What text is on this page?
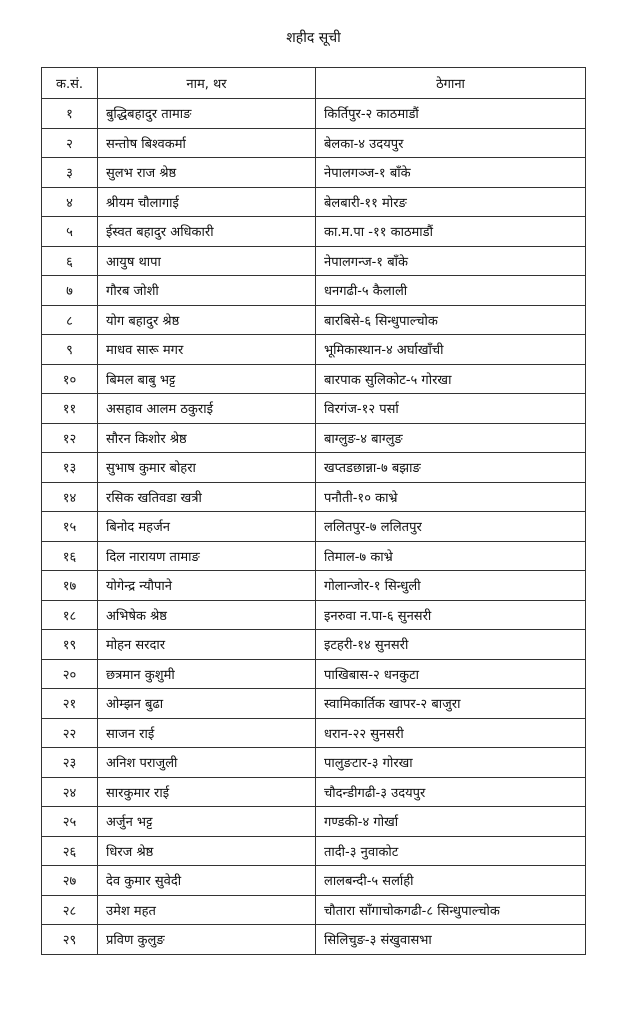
शहीद सूची
क.सं.	नाम, थर	ठेगाना
१	बुद्धिबहादुर तामाङ	किर्तिपुर-२ काठमाडौं
२	सन्तोष बिश्वकर्मा	बेलका-४ उदयपुर
३	सुलभ राज श्रेष्ठ	नेपालगञ्ज-१ बाँके
४	श्रीयम चौलागाई	बेलबारी-११ मोरङ
५	ईस्वत बहादुर अधिकारी	का.म.पा -११ काठमाडौं
६	आयुष थापा	नेपालगन्ज-१ बाँके
७	गौरब जोशी	धनगढी-५ कैलाली
८	योग बहादुर श्रेष्ठ	बारबिसे-६ सिन्धुपाल्चोक
९	माधव सारू मगर	भूमिकास्थान-४ अर्घाखाँची
१०	बिमल बाबु भट्ट	बारपाक सुलिकोट-५ गोरखा
११	असहाव आलम ठकुराई	विरगंज-१२ पर्सा
१२	सौरन किशोर श्रेष्ठ	बाग्लुङ-४ बाग्लुङ
१३	सुभाष कुमार बोहरा	खप्तडछान्ना-७ बझाङ
१४	रसिक खतिवडा खत्री	पनौती-१० काभ्रे
१५	बिनोद महर्जन	ललितपुर-७ ललितपुर
१६	दिल नारायण तामाङ	तिमाल-७ काभ्रे
१७	योगेन्द्र न्यौपाने	गोलान्जोर-१ सिन्धुली
१८	अभिषेक श्रेष्ठ	इनरुवा न.पा-६ सुनसरी
१९	मोहन सरदार	इटहरी-१४ सुनसरी
२०	छत्रमान कुशुमी	पाखिबास-२ धनकुटा
२१	ओम्झन बुढा	स्वामिकार्तिक खापर-२ बाजुरा
२२	साजन राई	धरान-२२ सुनसरी
२३	अनिश पराजुली	पालुङटार-३ गोरखा
२४	सारकुमार राई	चौदन्डीगढी-३ उदयपुर
२५	अर्जुन भट्ट	गण्डकी-४ गोर्खा
२६	धिरज श्रेष्ठ	तादी-३ नुवाकोट
२७	देव कुमार सुवेदी	लालबन्दी-५ सर्लाही
२८	उमेश महत	चौतारा साँगाचोकगढी-८ सिन्धुपाल्चोक
२९	प्रविण कुलुङ	सिलिचुङ-३ संखुवासभा
